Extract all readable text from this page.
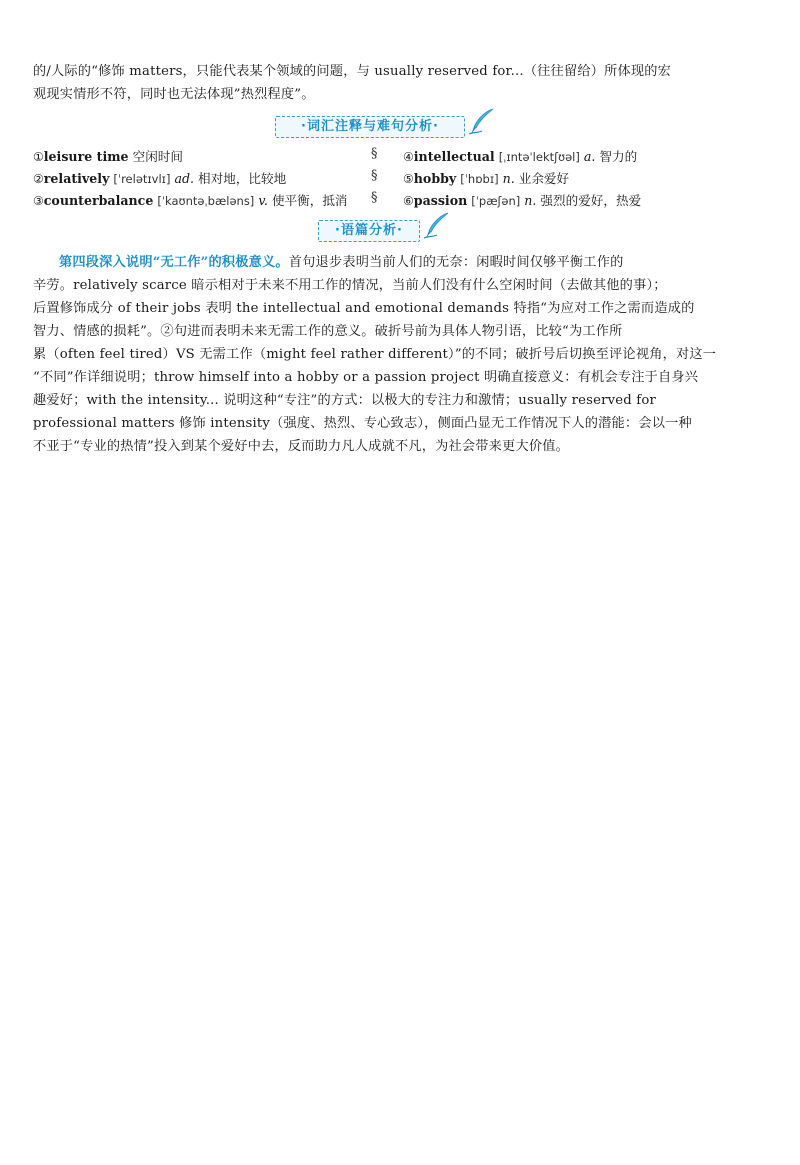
的/人际的“修饰 matters，只能代表某个领域的问题，与 usually reserved for...（往往留给）所体现的宏
观现实情形不符，同时也无法体现”热烈程度”。
·词汇注释与难句分析·
①leisure time 空闲时间	§ ④intellectual [ˌɪntəˈlektʃʊəl] a. 智力的
②relatively [ˈrelətɪvlɪ] ad. 相对地，比较地	§ ⑤hobby [ˈhɒbɪ] n. 业余爱好
③counterbalance [ˈkaʊntəˌbæləns] v. 使平衡，抵消 § ⑥passion [ˈpæʃən] n. 强烈的爱好，热爱
·语篇分析·
第四段深入说明“无工作”的积极意义。首句退步表明当前人们的无奈：闲暇时间仅够平衡工作的
辛劳。relatively scarce 暗示相对于未来不用工作的情况，当前人们没有什么空闲时间（去做其他的事）；
后置修饰成分 of their jobs 表明 the intellectual and emotional demands 特指“为应对工作之需而造成的
智力、情感的损耗”。②句进而表明未来无需工作的意义。破折号前为具体人物引语，比较“为工作所
累（often feel tired）VS 无需工作（might feel rather different）”的不同；破折号后切换至评论视角，对这一
“不同”作详细说明；throw himself into a hobby or a passion project 明确直接意义：有机会专注于自身兴
趣爱好；with the intensity... 说明这种“专注”的方式：以极大的专注力和激情；usually reserved for
professional matters 修饰 intensity（强度、热烈、专心致志），侧面凸显无工作情况下人的潜能：会以一种
不亚于“专业的热情”投入到某个爱好中去，反而助力凡人成就不凡，为社会带来更大价值。
